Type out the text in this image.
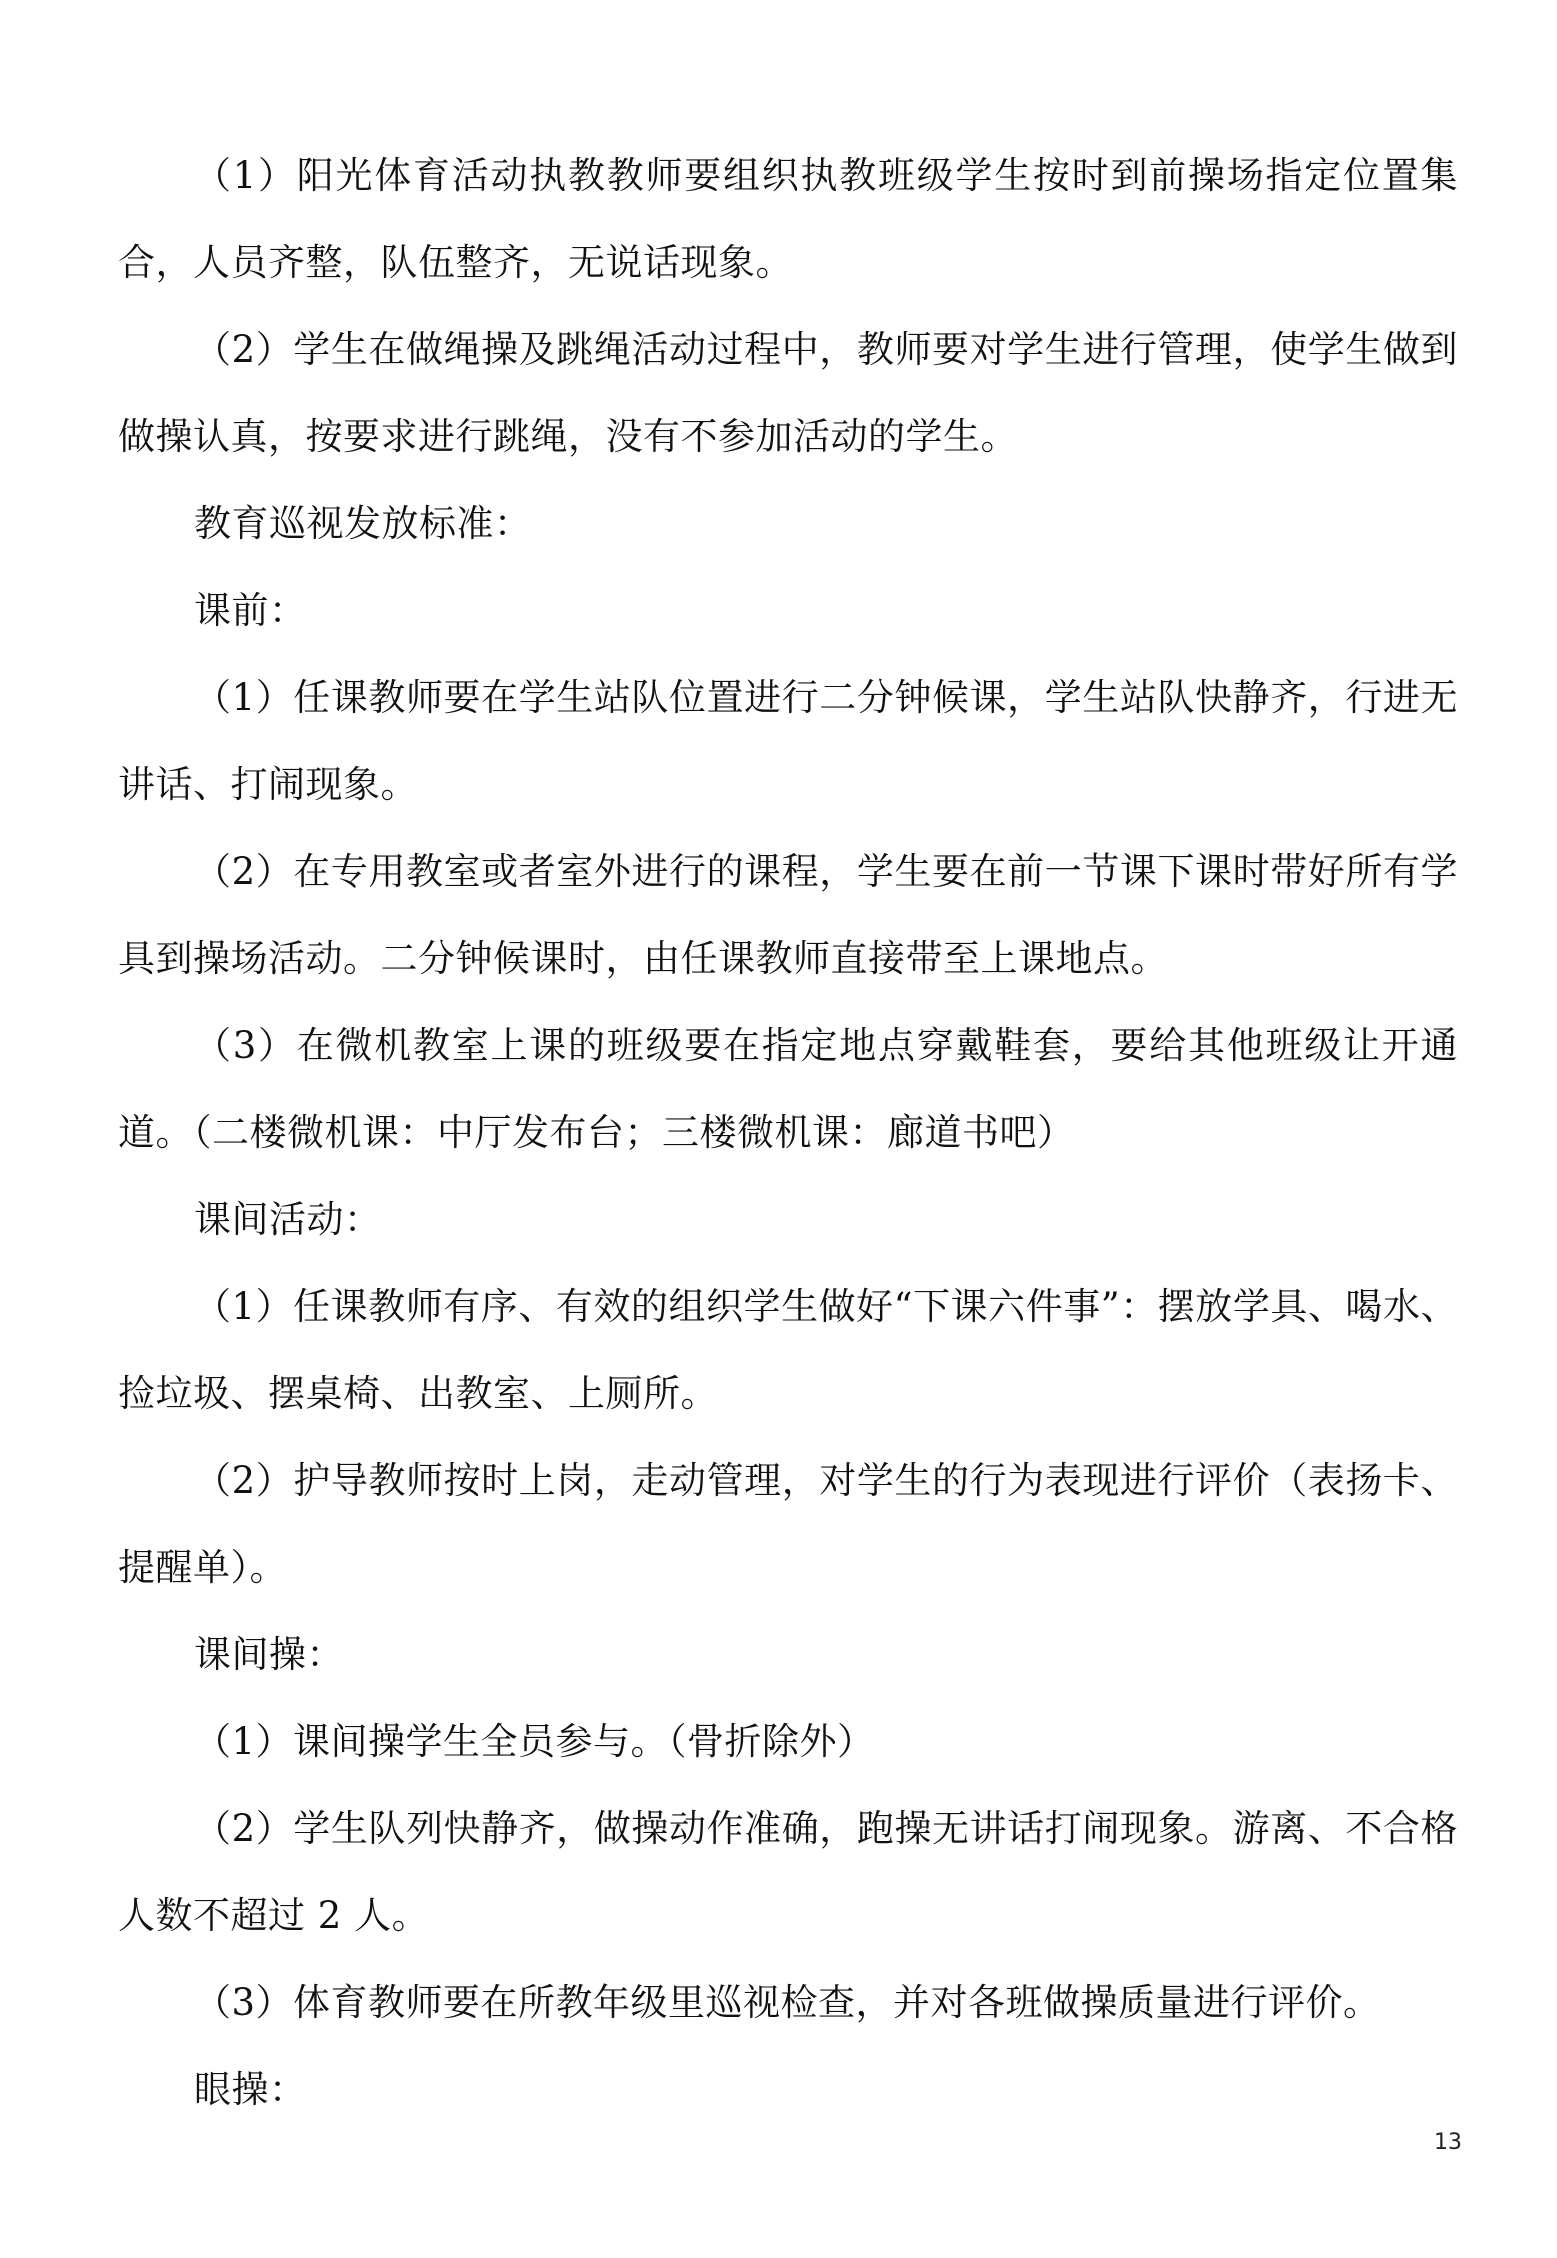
（1）阳光体育活动执教教师要组织执教班级学生按时到前操场指定位置集合，人员齐整，队伍整齐，无说话现象。

（2）学生在做绳操及跳绳活动过程中，教师要对学生进行管理，使学生做到做操认真，按要求进行跳绳，没有不参加活动的学生。

教育巡视发放标准：

课前：

（1）任课教师要在学生站队位置进行二分钟候课，学生站队快静齐，行进无讲话、打闹现象。

（2）在专用教室或者室外进行的课程，学生要在前一节课下课时带好所有学具到操场活动。二分钟候课时，由任课教师直接带至上课地点。

（3）在微机教室上课的班级要在指定地点穿戴鞋套，要给其他班级让开通道。（二楼微机课：中厅发布台；三楼微机课：廊道书吧）

课间活动：

（1）任课教师有序、有效的组织学生做好“下课六件事”：摆放学具、喝水、捡垃圾、摆桌椅、出教室、上厕所。

（2）护导教师按时上岗，走动管理，对学生的行为表现进行评价（表扬卡、提醒单）。

课间操：

（1）课间操学生全员参与。（骨折除外）

（2）学生队列快静齐，做操动作准确，跑操无讲话打闹现象。游离、不合格人数不超过 2 人。

（3）体育教师要在所教年级里巡视检查，并对各班做操质量进行评价。

眼操：

13
